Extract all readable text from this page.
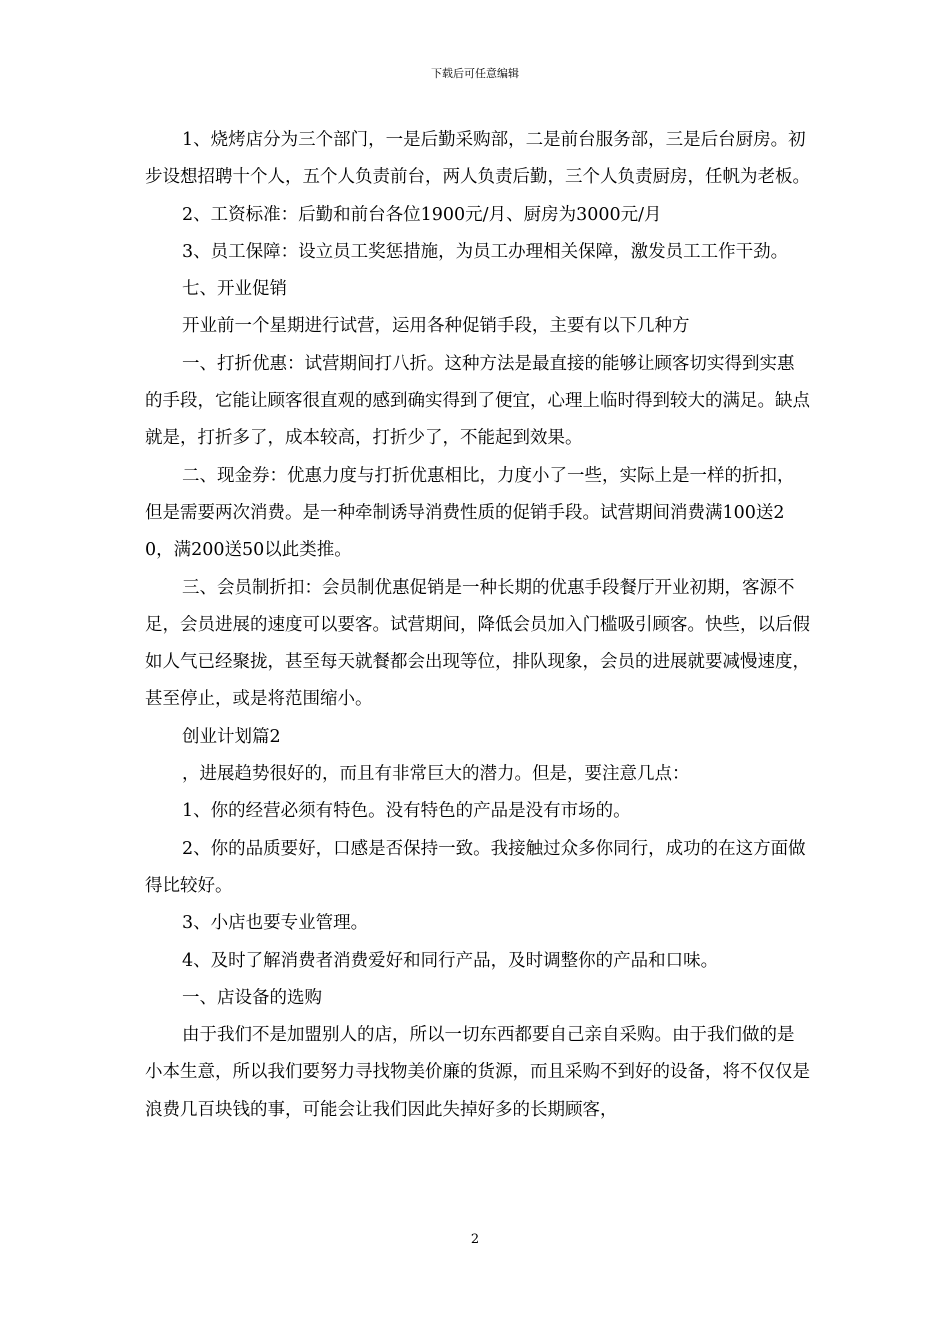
下载后可任意编辑

1、烧烤店分为三个部门，一是后勤采购部，二是前台服务部，三是后台厨房。初步设想招聘十个人，五个人负责前台，两人负责后勤，三个人负责厨房，任帆为老板。

2、工资标准：后勤和前台各位1900元/月、厨房为3000元/月

3、员工保障：设立员工奖惩措施，为员工办理相关保障，激发员工工作干劲。

七、开业促销

开业前一个星期进行试营，运用各种促销手段，主要有以下几种方

一、打折优惠：试营期间打八折。这种方法是最直接的能够让顾客切实得到实惠的手段，它能让顾客很直观的感到确实得到了便宜，心理上临时得到较大的满足。缺点就是，打折多了，成本较高，打折少了，不能起到效果。

二、现金券：优惠力度与打折优惠相比，力度小了一些，实际上是一样的折扣，但是需要两次消费。是一种牵制诱导消费性质的促销手段。试营期间消费满100送20，满200送50以此类推。

三、会员制折扣：会员制优惠促销是一种长期的优惠手段餐厅开业初期，客源不足，会员进展的速度可以要客。试营期间，降低会员加入门槛吸引顾客。快些，以后假如人气已经聚拢，甚至每天就餐都会出现等位，排队现象，会员的进展就要减慢速度，甚至停止，或是将范围缩小。

创业计划篇2

，进展趋势很好的，而且有非常巨大的潜力。但是，要注意几点：

1、你的经营必须有特色。没有特色的产品是没有市场的。

2、你的品质要好，口感是否保持一致。我接触过众多你同行，成功的在这方面做得比较好。

3、小店也要专业管理。

4、及时了解消费者消费爱好和同行产品，及时调整你的产品和口味。

一、店设备的选购

由于我们不是加盟别人的店，所以一切东西都要自己亲自采购。由于我们做的是小本生意，所以我们要努力寻找物美价廉的货源，而且采购不到好的设备，将不仅仅是浪费几百块钱的事，可能会让我们因此失掉好多的长期顾客，

2
